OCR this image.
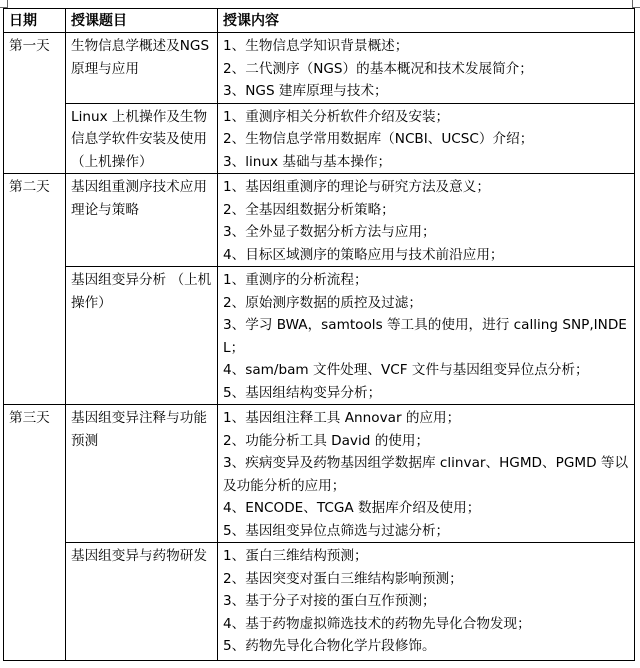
日期	授课题目	授课内容
第一天	生物信息学概述及NGS 原理与应用	1、生物信息学知识背景概述；
2、二代测序（NGS）的基本概况和技术发展简介；
3、NGS 建库原理与技术；

	Linux 上机操作及生物信息学软件安装及使用 （上机操作）	1、重测序相关分析软件介绍及安装；
2、生物信息学常用数据库（NCBI、UCSC）介绍；
3、linux 基础与基本操作；

第二天	基因组重测序技术应用理论与策略	1、基因组重测序的理论与研究方法及意义；
2、全基因组数据分析策略；
3、全外显子数据分析方法与应用；
4、目标区域测序的策略应用与技术前沿应用；

	基因组变异分析 （上机操作）	1、重测序的分析流程；
2、原始测序数据的质控及过滤；
3、学习 BWA，samtools 等工具的使用，进行 calling SNP,INDEL；
4、sam/bam 文件处理、VCF 文件与基因组变异位点分析；
5、基因组结构变异分析；

第三天	基因组变异注释与功能预测	1、基因组注释工具 Annovar 的应用；
2、功能分析工具 David 的使用；
3、疾病变异及药物基因组学数据库 clinvar、HGMD、PGMD 等以及功能分析的应用；
4、ENCODE、TCGA 数据库介绍及使用；
5、基因组变异位点筛选与过滤分析；

	基因组变异与药物研发	1、蛋白三维结构预测；
2、基因突变对蛋白三维结构影响预测；
3、基于分子对接的蛋白互作预测；
4、基于药物虚拟筛选技术的药物先导化合物发现；
5、药物先导化合物化学片段修饰。
